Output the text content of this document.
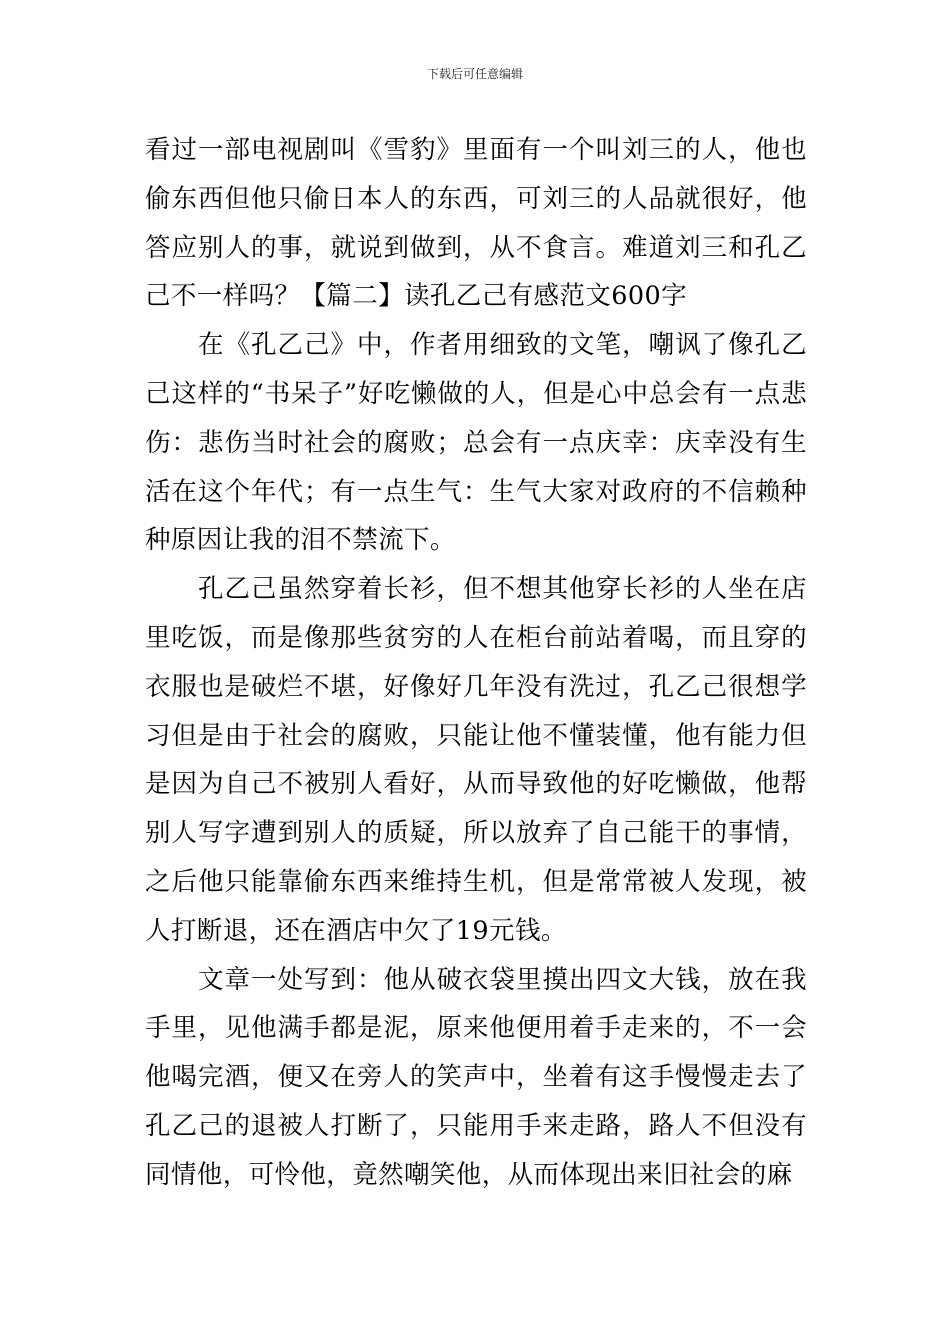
下载后可任意编辑

看过一部电视剧叫《雪豹》里面有一个叫刘三的人，他也偷东西但他只偷日本人的东西，可刘三的人品就很好，他答应别人的事，就说到做到，从不食言。难道刘三和孔乙己不一样吗？【篇二】读孔乙己有感范文600字

在《孔乙己》中，作者用细致的文笔，嘲讽了像孔乙己这样的“书呆子”好吃懒做的人，但是心中总会有一点悲伤：悲伤当时社会的腐败；总会有一点庆幸：庆幸没有生活在这个年代；有一点生气：生气大家对政府的不信赖种种原因让我的泪不禁流下。

孔乙己虽然穿着长衫，但不想其他穿长衫的人坐在店里吃饭，而是像那些贫穷的人在柜台前站着喝，而且穿的衣服也是破烂不堪，好像好几年没有洗过，孔乙己很想学习但是由于社会的腐败，只能让他不懂装懂，他有能力但是因为自己不被别人看好，从而导致他的好吃懒做，他帮别人写字遭到别人的质疑，所以放弃了自己能干的事情，之后他只能靠偷东西来维持生机，但是常常被人发现，被人打断退，还在酒店中欠了19元钱。

文章一处写到：他从破衣袋里摸出四文大钱，放在我手里，见他满手都是泥，原来他便用着手走来的，不一会他喝完酒，便又在旁人的笑声中，坐着有这手慢慢走去了孔乙己的退被人打断了，只能用手来走路，路人不但没有同情他，可怜他，竟然嘲笑他，从而体现出来旧社会的麻
